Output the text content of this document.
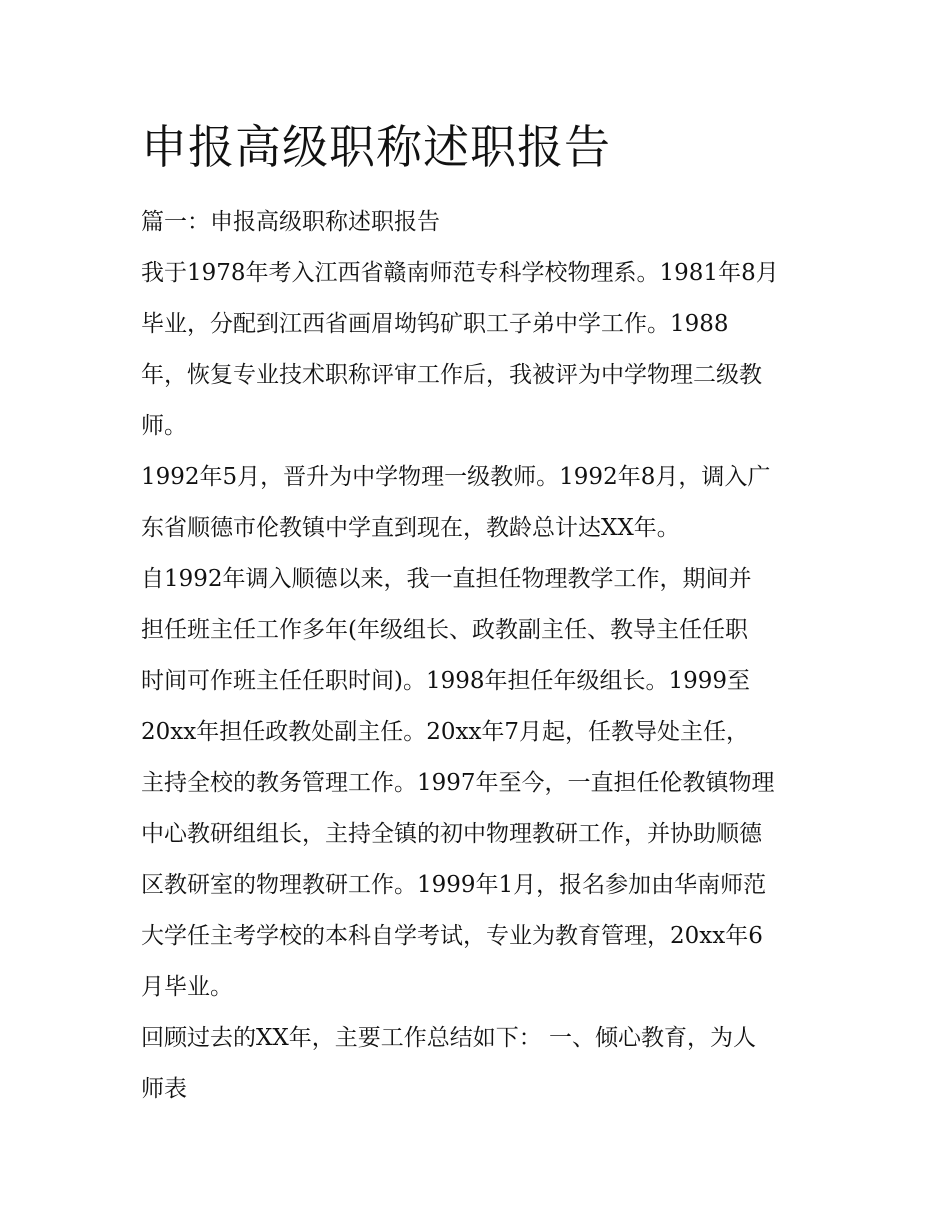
申报高级职称述职报告

篇一：申报高级职称述职报告

我于1978年考入江西省赣南师范专科学校物理系。1981年8月

毕业，分配到江西省画眉坳钨矿职工子弟中学工作。1988

年，恢复专业技术职称评审工作后，我被评为中学物理二级教

师。

1992年5月，晋升为中学物理一级教师。1992年8月，调入广

东省顺德市伦教镇中学直到现在，教龄总计达XX年。

自1992年调入顺德以来，我一直担任物理教学工作，期间并

担任班主任工作多年(年级组长、政教副主任、教导主任任职

时间可作班主任任职时间)。1998年担任年级组长。1999至

20xx年担任政教处副主任。20xx年7月起，任教导处主任，

主持全校的教务管理工作。1997年至今，一直担任伦教镇物理

中心教研组组长，主持全镇的初中物理教研工作，并协助顺德

区教研室的物理教研工作。1999年1月，报名参加由华南师范

大学任主考学校的本科自学考试，专业为教育管理，20xx年6

月毕业。

回顾过去的XX年，主要工作总结如下： 一、倾心教育，为人

师表
